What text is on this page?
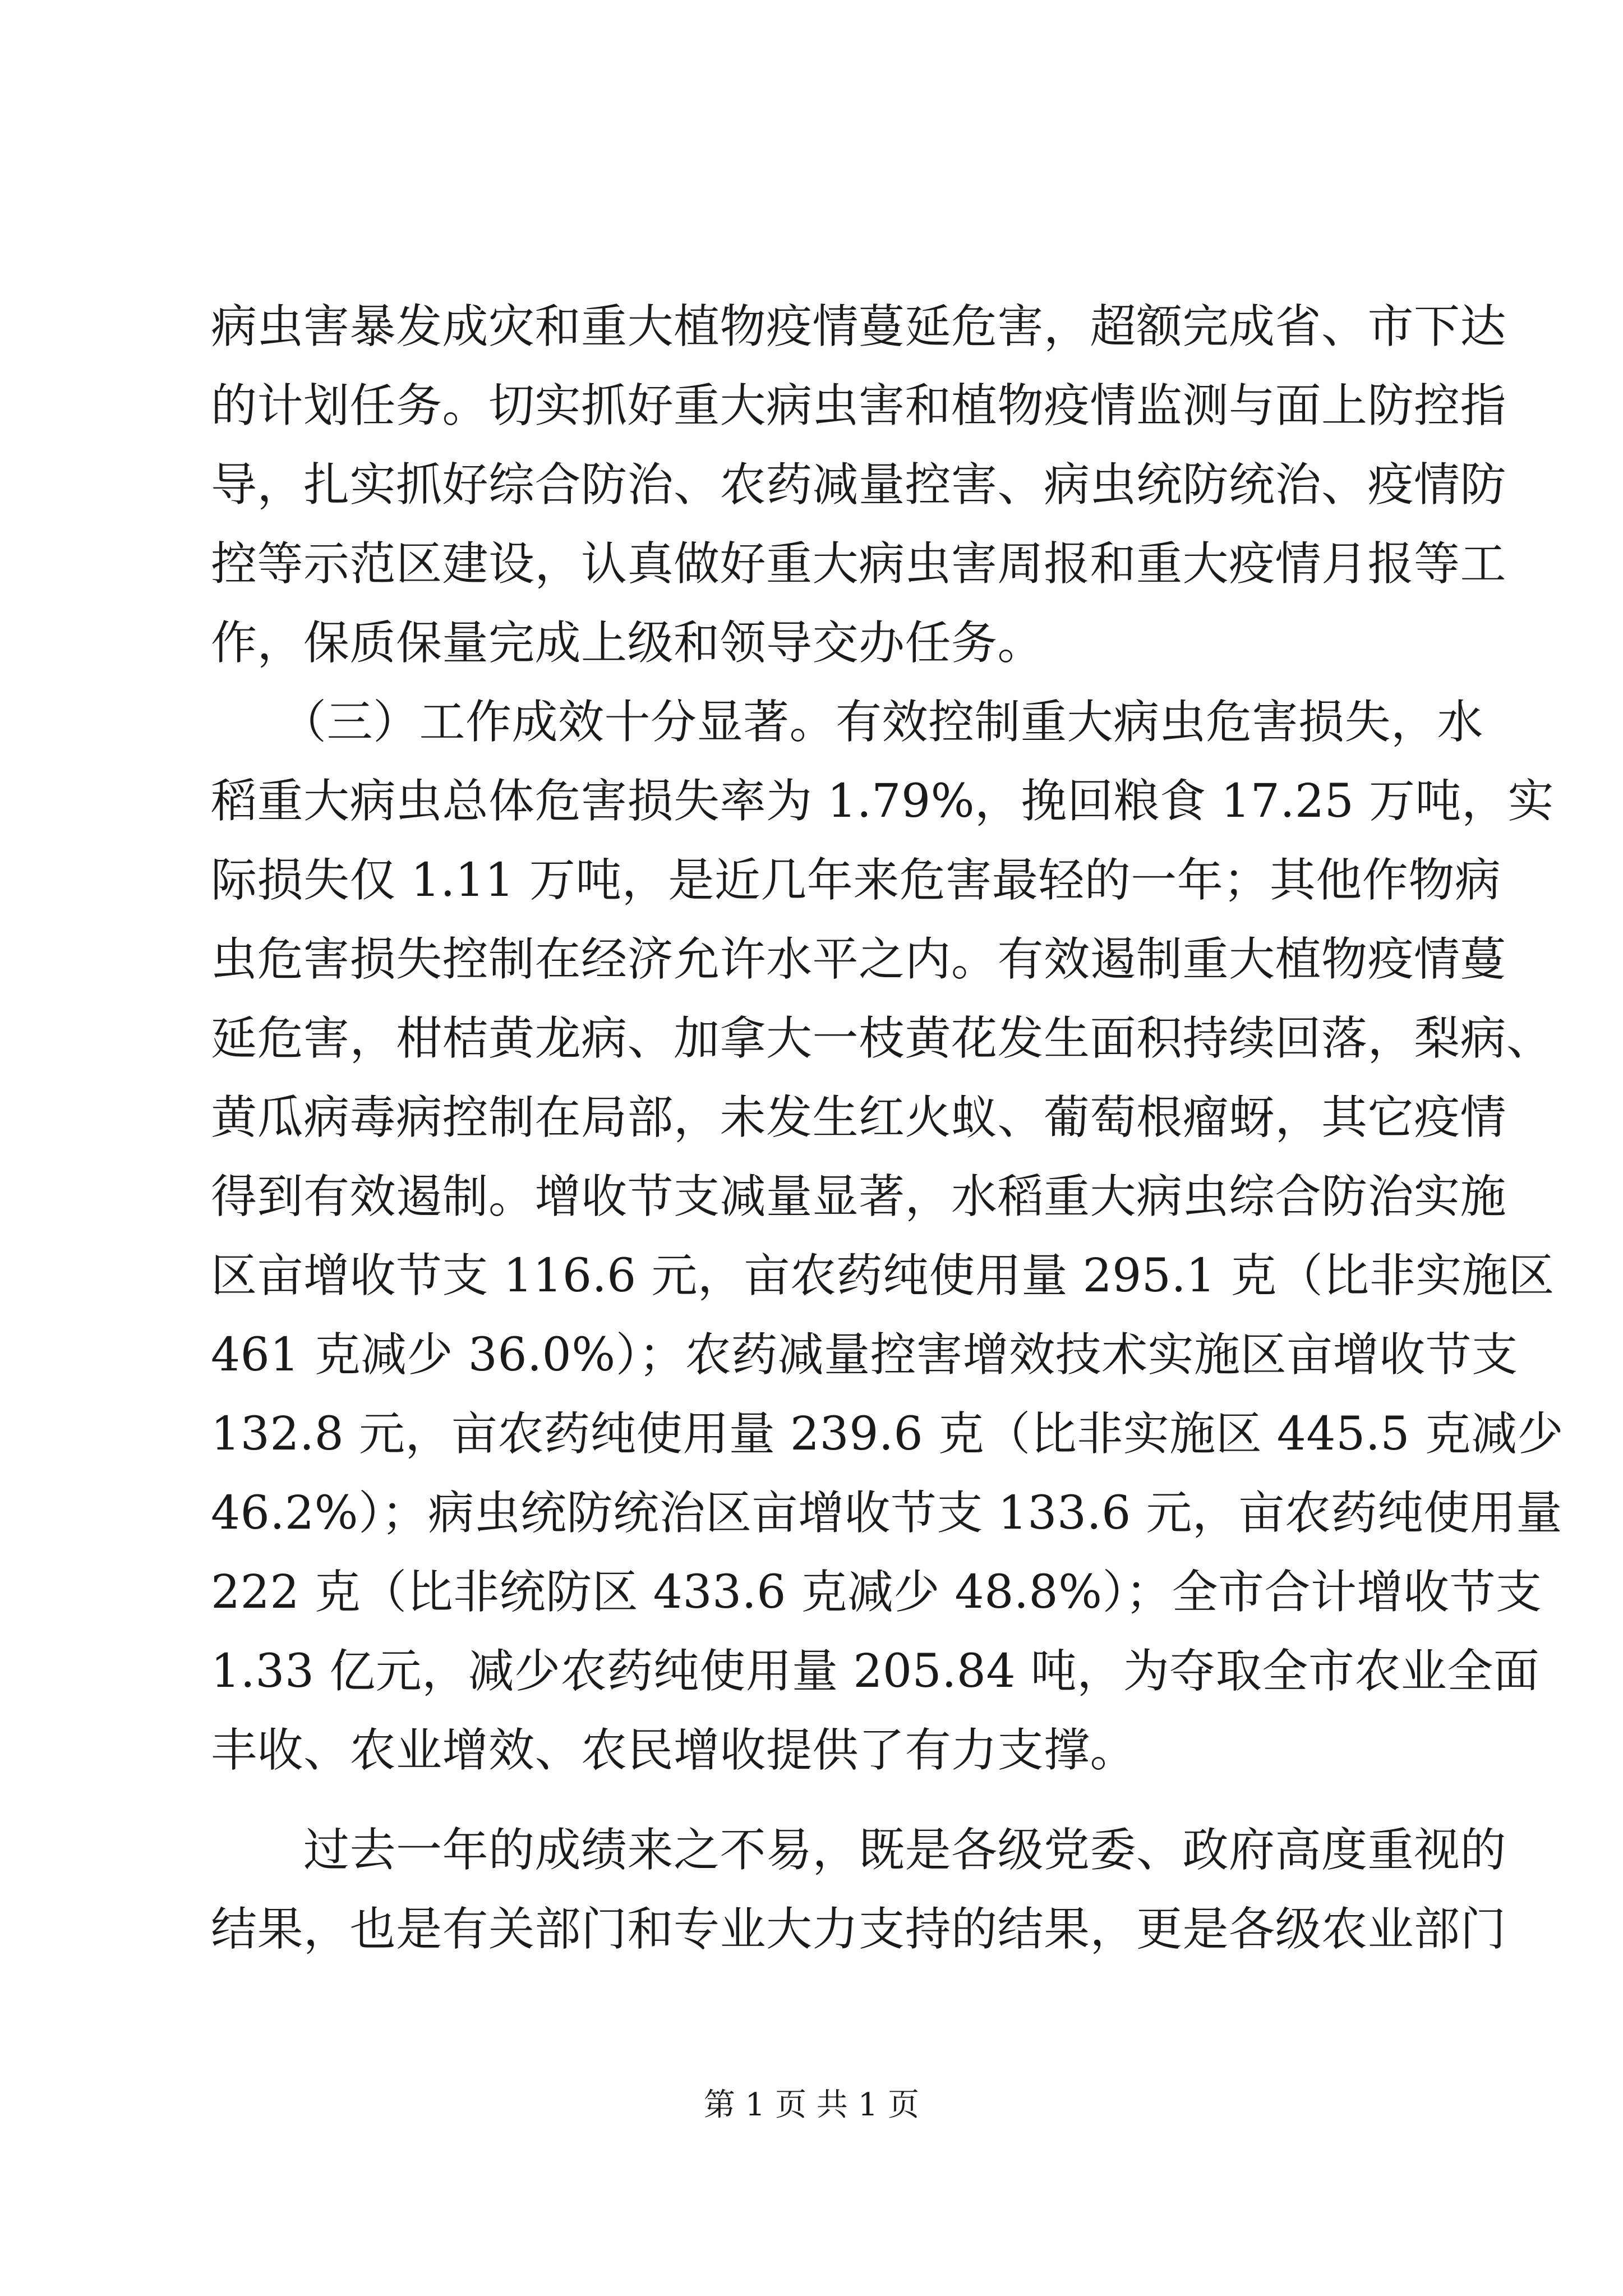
病虫害暴发成灾和重大植物疫情蔓延危害，超额完成省、市下达
的计划任务。切实抓好重大病虫害和植物疫情监测与面上防控指
导，扎实抓好综合防治、农药减量控害、病虫统防统治、疫情防
控等示范区建设，认真做好重大病虫害周报和重大疫情月报等工
作，保质保量完成上级和领导交办任务。
　　（三）工作成效十分显著。有效控制重大病虫危害损失，水
稻重大病虫总体危害损失率为 1.79%，挽回粮食 17.25 万吨，实
际损失仅 1.11 万吨，是近几年来危害最轻的一年；其他作物病
虫危害损失控制在经济允许水平之内。有效遏制重大植物疫情蔓
延危害，柑桔黄龙病、加拿大一枝黄花发生面积持续回落，梨病、
黄瓜病毒病控制在局部，未发生红火蚁、葡萄根瘤蚜，其它疫情
得到有效遏制。增收节支减量显著，水稻重大病虫综合防治实施
区亩增收节支 116.6 元，亩农药纯使用量 295.1 克（比非实施区
461 克减少 36.0%）；农药减量控害增效技术实施区亩增收节支
132.8 元，亩农药纯使用量 239.6 克（比非实施区 445.5 克减少
46.2%）；病虫统防统治区亩增收节支 133.6 元，亩农药纯使用量
222 克（比非统防区 433.6 克减少 48.8%）；全市合计增收节支
1.33 亿元，减少农药纯使用量 205.84 吨，为夺取全市农业全面
丰收、农业增效、农民增收提供了有力支撑。
　　过去一年的成绩来之不易，既是各级党委、政府高度重视的
结果，也是有关部门和专业大力支持的结果，更是各级农业部门
第 1 页 共 1 页
